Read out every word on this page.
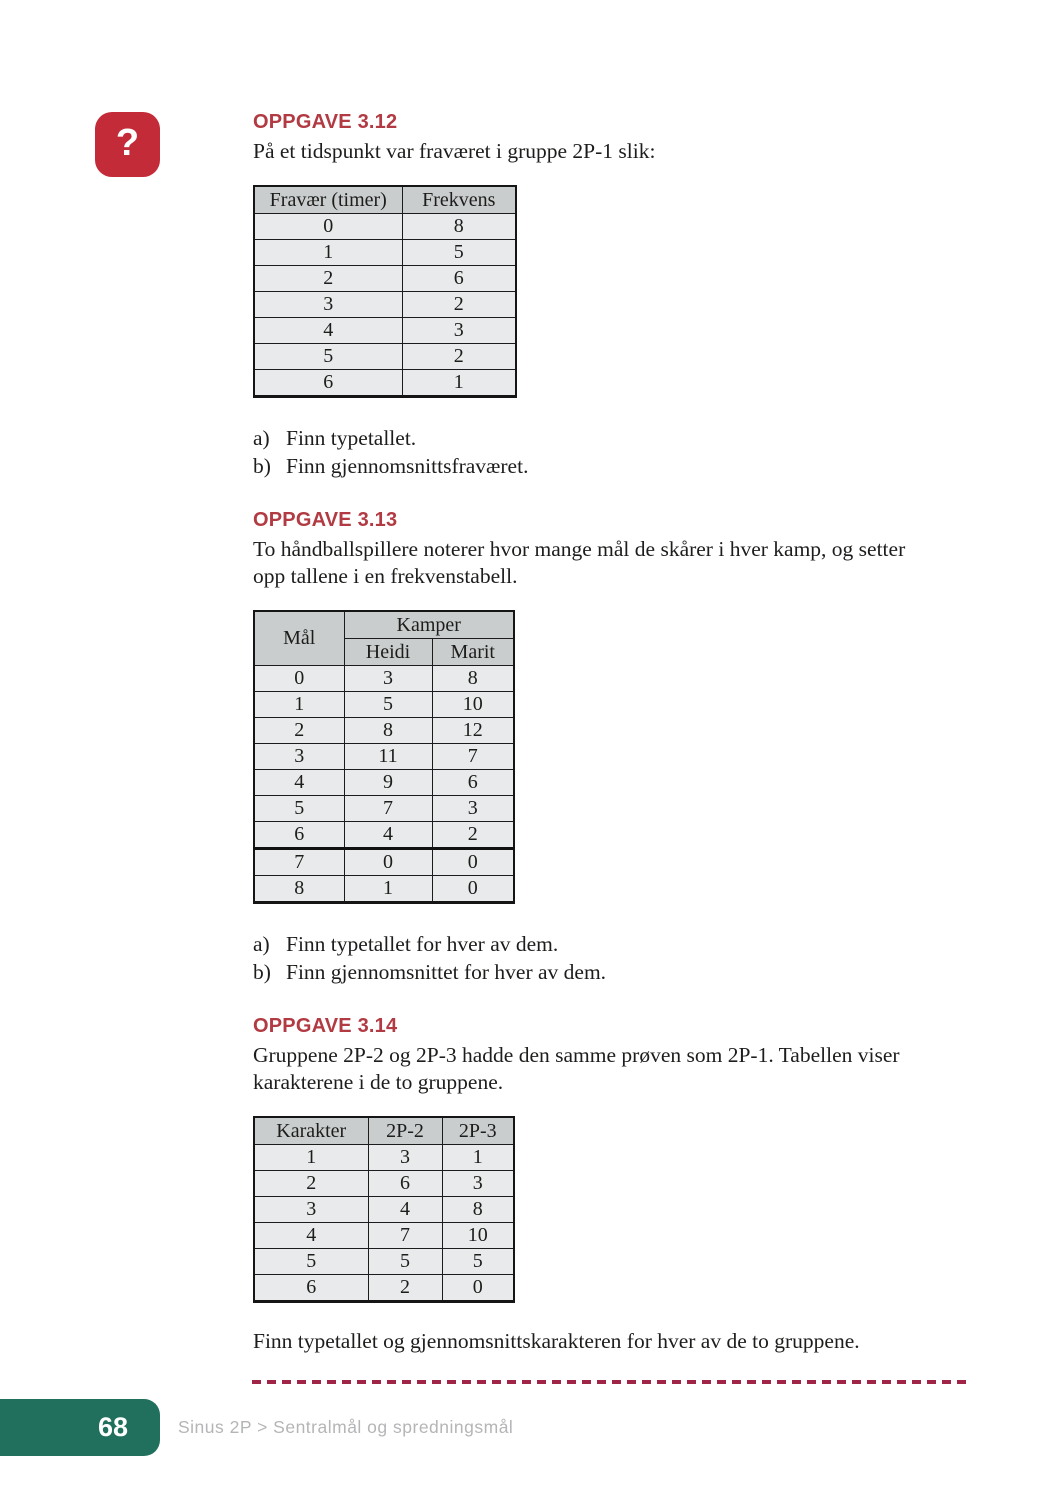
?	OPPGAVE 3.12
På et tidspunkt var fraværet i gruppe 2P-1 slik:
Fravær (timer)	Frekvens
0	8
1	5
2	6
3	2
4	3
5	2
6	1
a) Finn typetallet.
b) Finn gjennomsnittsfraværet.
OPPGAVE 3.13
To håndballspillere noterer hvor mange mål de skårer i hver kamp, og setter
opp tallene i en frekvenstabell.
Mål	Kamper	
	Heidi	Marit
0	3	8
1	5	10
2	8	12
3	11	7
4	9	6
5	7	3
6	4	2
7	0	0
8	1	0
a) Finn typetallet for hver av dem.
b) Finn gjennomsnittet for hver av dem.
OPPGAVE 3.14
Gruppene 2P-2 og 2P-3 hadde den samme prøven som 2P-1. Tabellen viser
karakterene i de to gruppene.
Karakter	2P-2	2P-3
1	3	1
2	6	3
3	4	8
4	7	10
5	5	5
6	2	0
Finn typetallet og gjennomsnittskarakteren for hver av de to gruppene.
68	Sinus 2P > Sentralmål og spredningsmål
